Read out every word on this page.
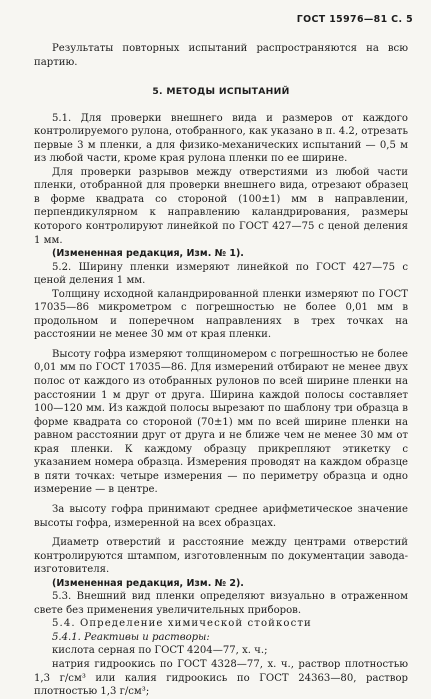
ГОСТ 15976—81 С. 5

Результаты повторных испытаний распространяются на всю партию.

5. МЕТОДЫ ИСПЫТАНИЙ

5.1. Для проверки внешнего вида и размеров от каждого контролируемого рулона, отобранного, как указано в п. 4.2, отрезать первые 3 м пленки, а для физико-механических испытаний — 0,5 м из любой части, кроме края рулона пленки по ее ширине.

Для проверки разрывов между отверстиями из любой части пленки, отобранной для проверки внешнего вида, отрезают образец в форме квадрата со стороной (100±1) мм в направлении, перпендикулярном к направлению каландрирования, размеры которого контролируют линейкой по ГОСТ 427—75 с ценой деления 1 мм.

(Измененная редакция, Изм. № 1).

5.2. Ширину пленки измеряют линейкой по ГОСТ 427—75 с ценой деления 1 мм.

Толщину исходной каландрированной пленки измеряют по ГОСТ 17035—86 микрометром с погрешностью не более 0,01 мм в продольном и поперечном направлениях в трех точках на расстоянии не менее 30 мм от края пленки.

Высоту гофра измеряют толщиномером с погрешностью не более 0,01 мм по ГОСТ 17035—86. Для измерений отбирают не менее двух полос от каждого из отобранных рулонов по всей ширине пленки на расстоянии 1 м друг от друга. Ширина каждой полосы составляет 100—120 мм. Из каждой полосы вырезают по шаблону три образца в форме квадрата со стороной (70±1) мм по всей ширине пленки на равном расстоянии друг от друга и не ближе чем не менее 30 мм от края пленки. К каждому образцу прикрепляют этикетку с указанием номера образца. Измерения проводят на каждом образце в пяти точках: четыре измерения — по периметру образца и одно измерение — в центре.

За высоту гофра принимают среднее арифметическое значение высоты гофра, измеренной на всех образцах.

Диаметр отверстий и расстояние между центрами отверстий контролируются штампом, изготовленным по документации завода-изготовителя.

(Измененная редакция, Изм. № 2).

5.3. Внешний вид пленки определяют визуально в отраженном свете без применения увеличительных приборов.

5.4. Определение химической стойкости

5.4.1. Реактивы и растворы:

кислота серная по ГОСТ 4204—77, х. ч.;

натрия гидроокись по ГОСТ 4328—77, х. ч., раствор плотностью 1,3 г/см³ или калия гидроокись по ГОСТ 24363—80, раствор плотностью 1,3 г/см³;
